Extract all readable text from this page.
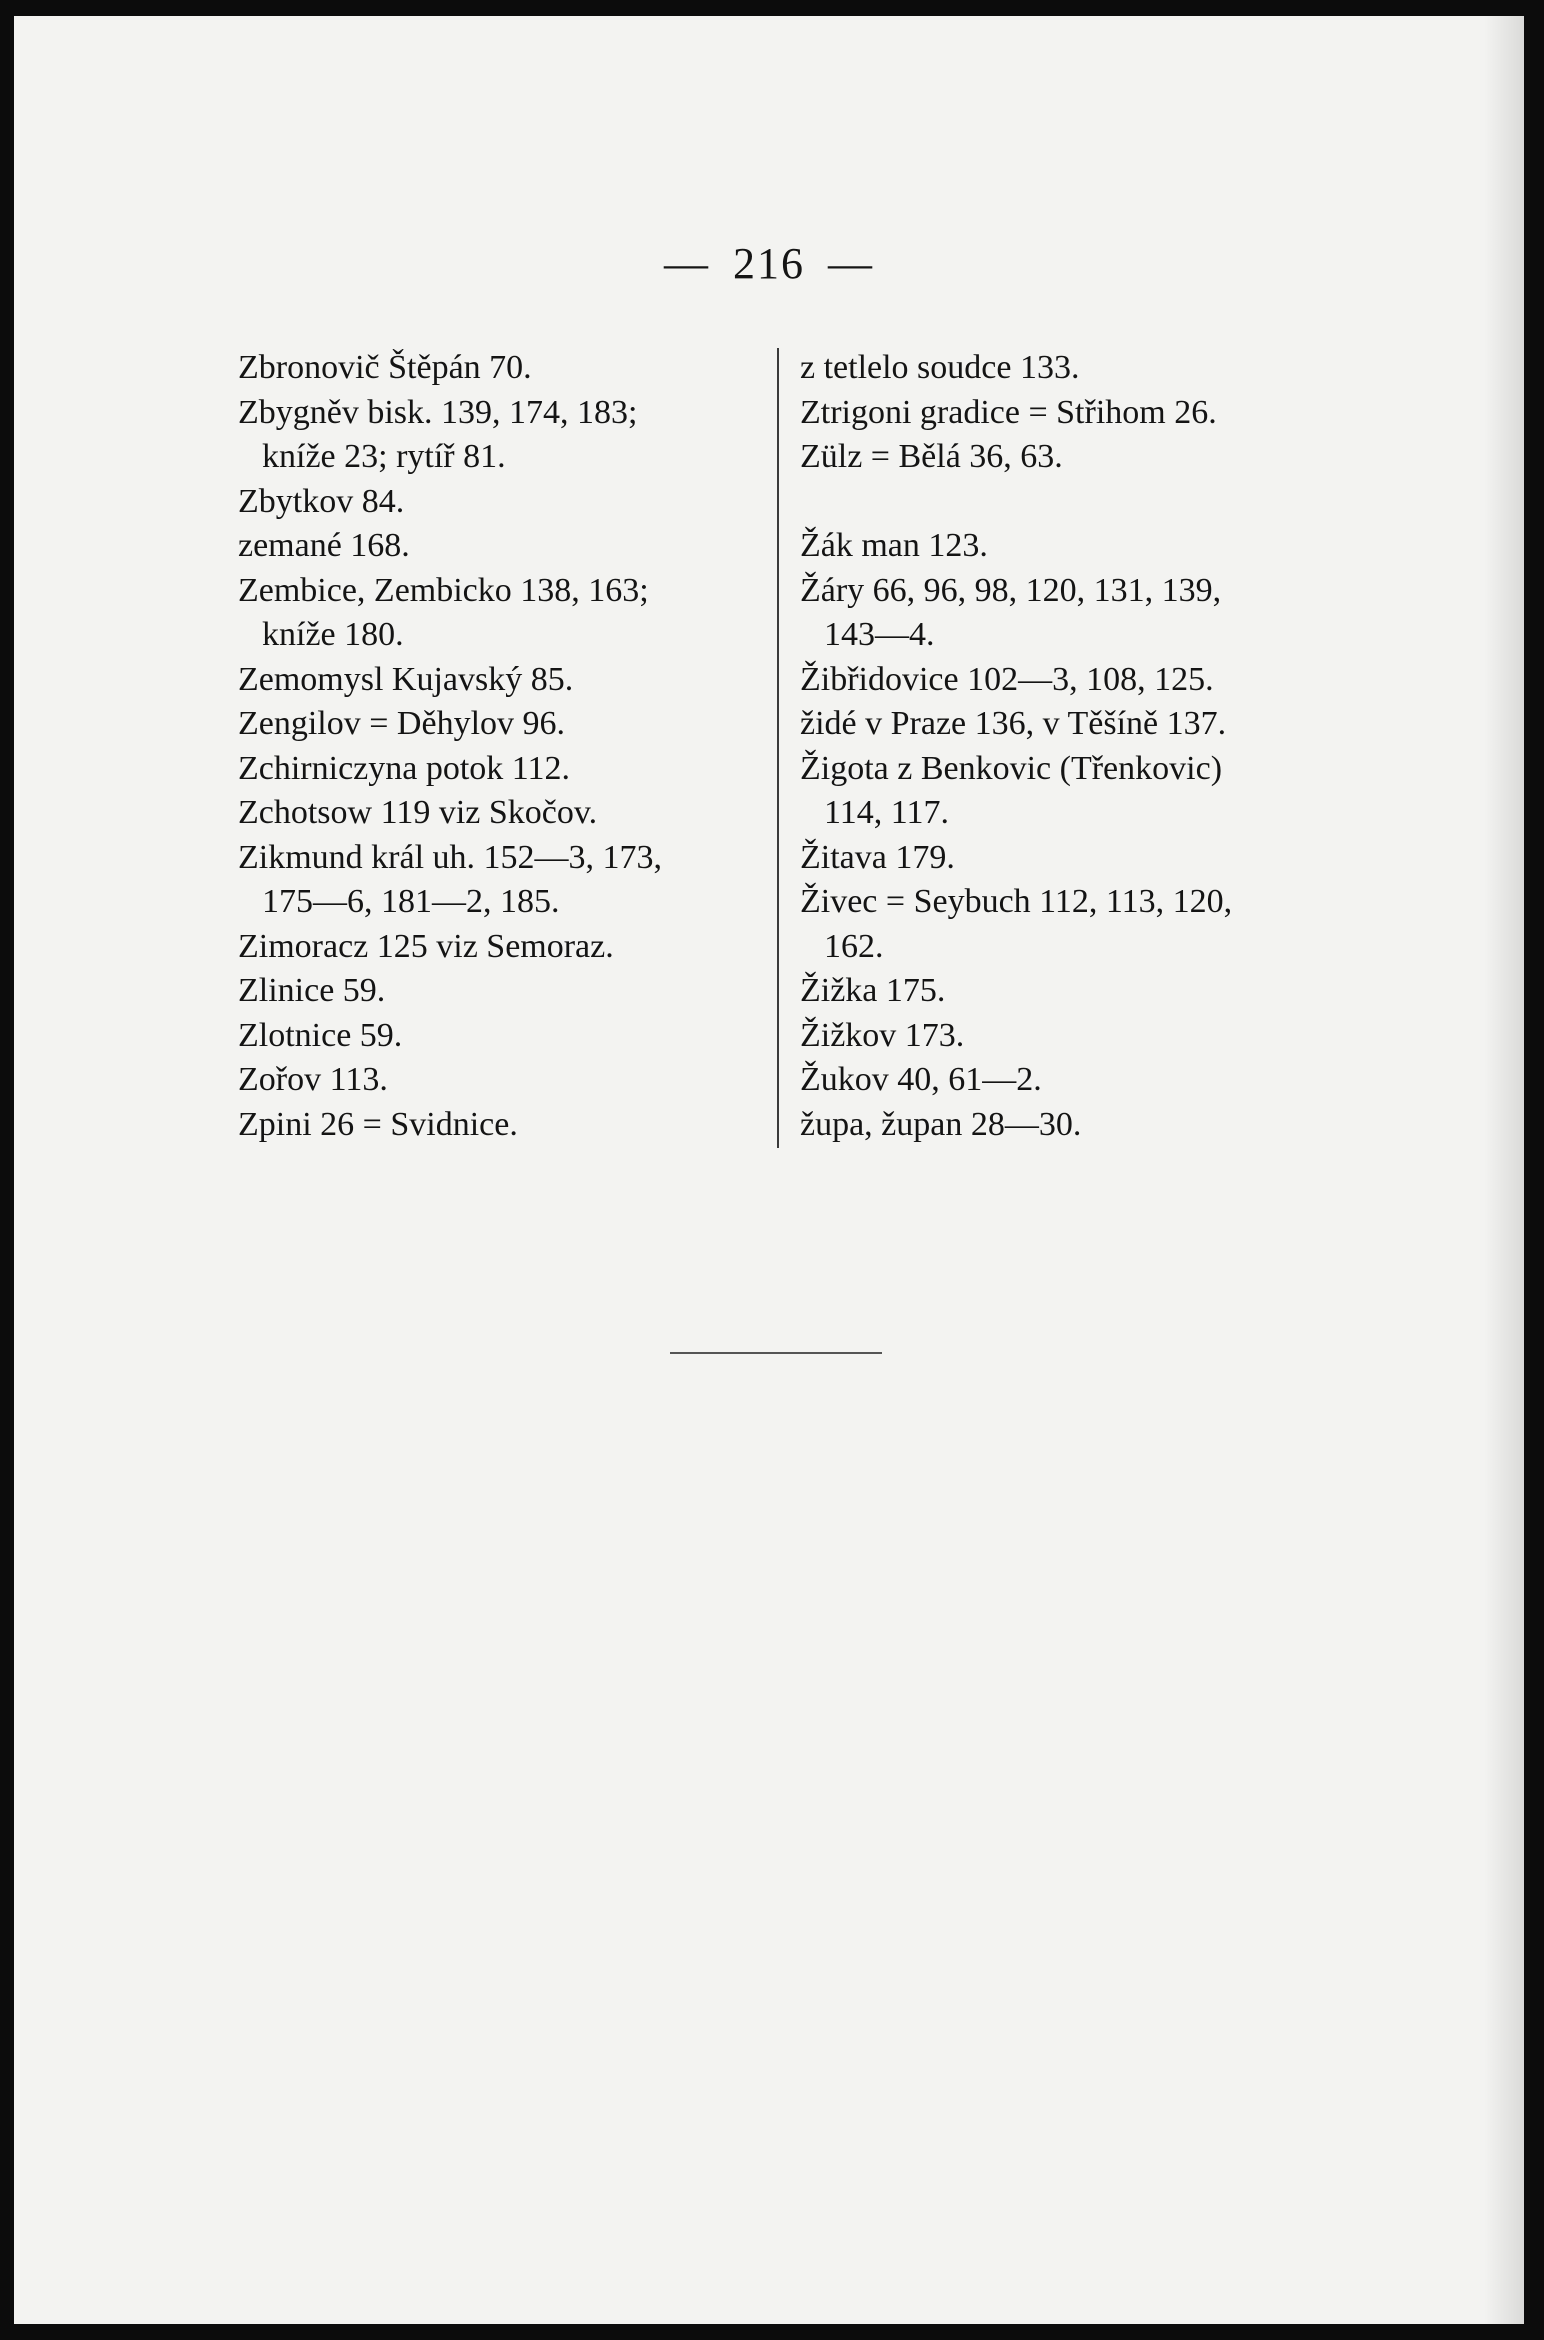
— 216 —

Zbronovič Štěpán 70.
Zbygněv bisk. 139, 174, 183;
kníže 23; rytíř 81.
Zbytkov 84.
zemané 168.
Zembice, Zembicko 138, 163;
kníže 180.
Zemomysl Kujavský 85.
Zengilov = Děhylov 96.
Zchirniczyna potok 112.
Zchotsow 119 viz Skočov.
Zikmund král uh. 152—3, 173,
175—6, 181—2, 185.
Zimoracz 125 viz Semoraz.
Zlinice 59.
Zlotnice 59.
Zořov 113.
Zpini 26 = Svidnice.
z tetlelo soudce 133.
Ztrigoni gradice = Střihom 26.
Zülz = Bělá 36, 63.
Žák man 123.
Žáry 66, 96, 98, 120, 131, 139,
143—4.
Žibřidovice 102—3, 108, 125.
židé v Praze 136, v Těšíně 137.
Žigota z Benkovic (Třenkovic)
114, 117.
Žitava 179.
Živec = Seybuch 112, 113, 120,
162.
Žižka 175.
Žižkov 173.
Žukov 40, 61—2.
župa, župan 28—30.
